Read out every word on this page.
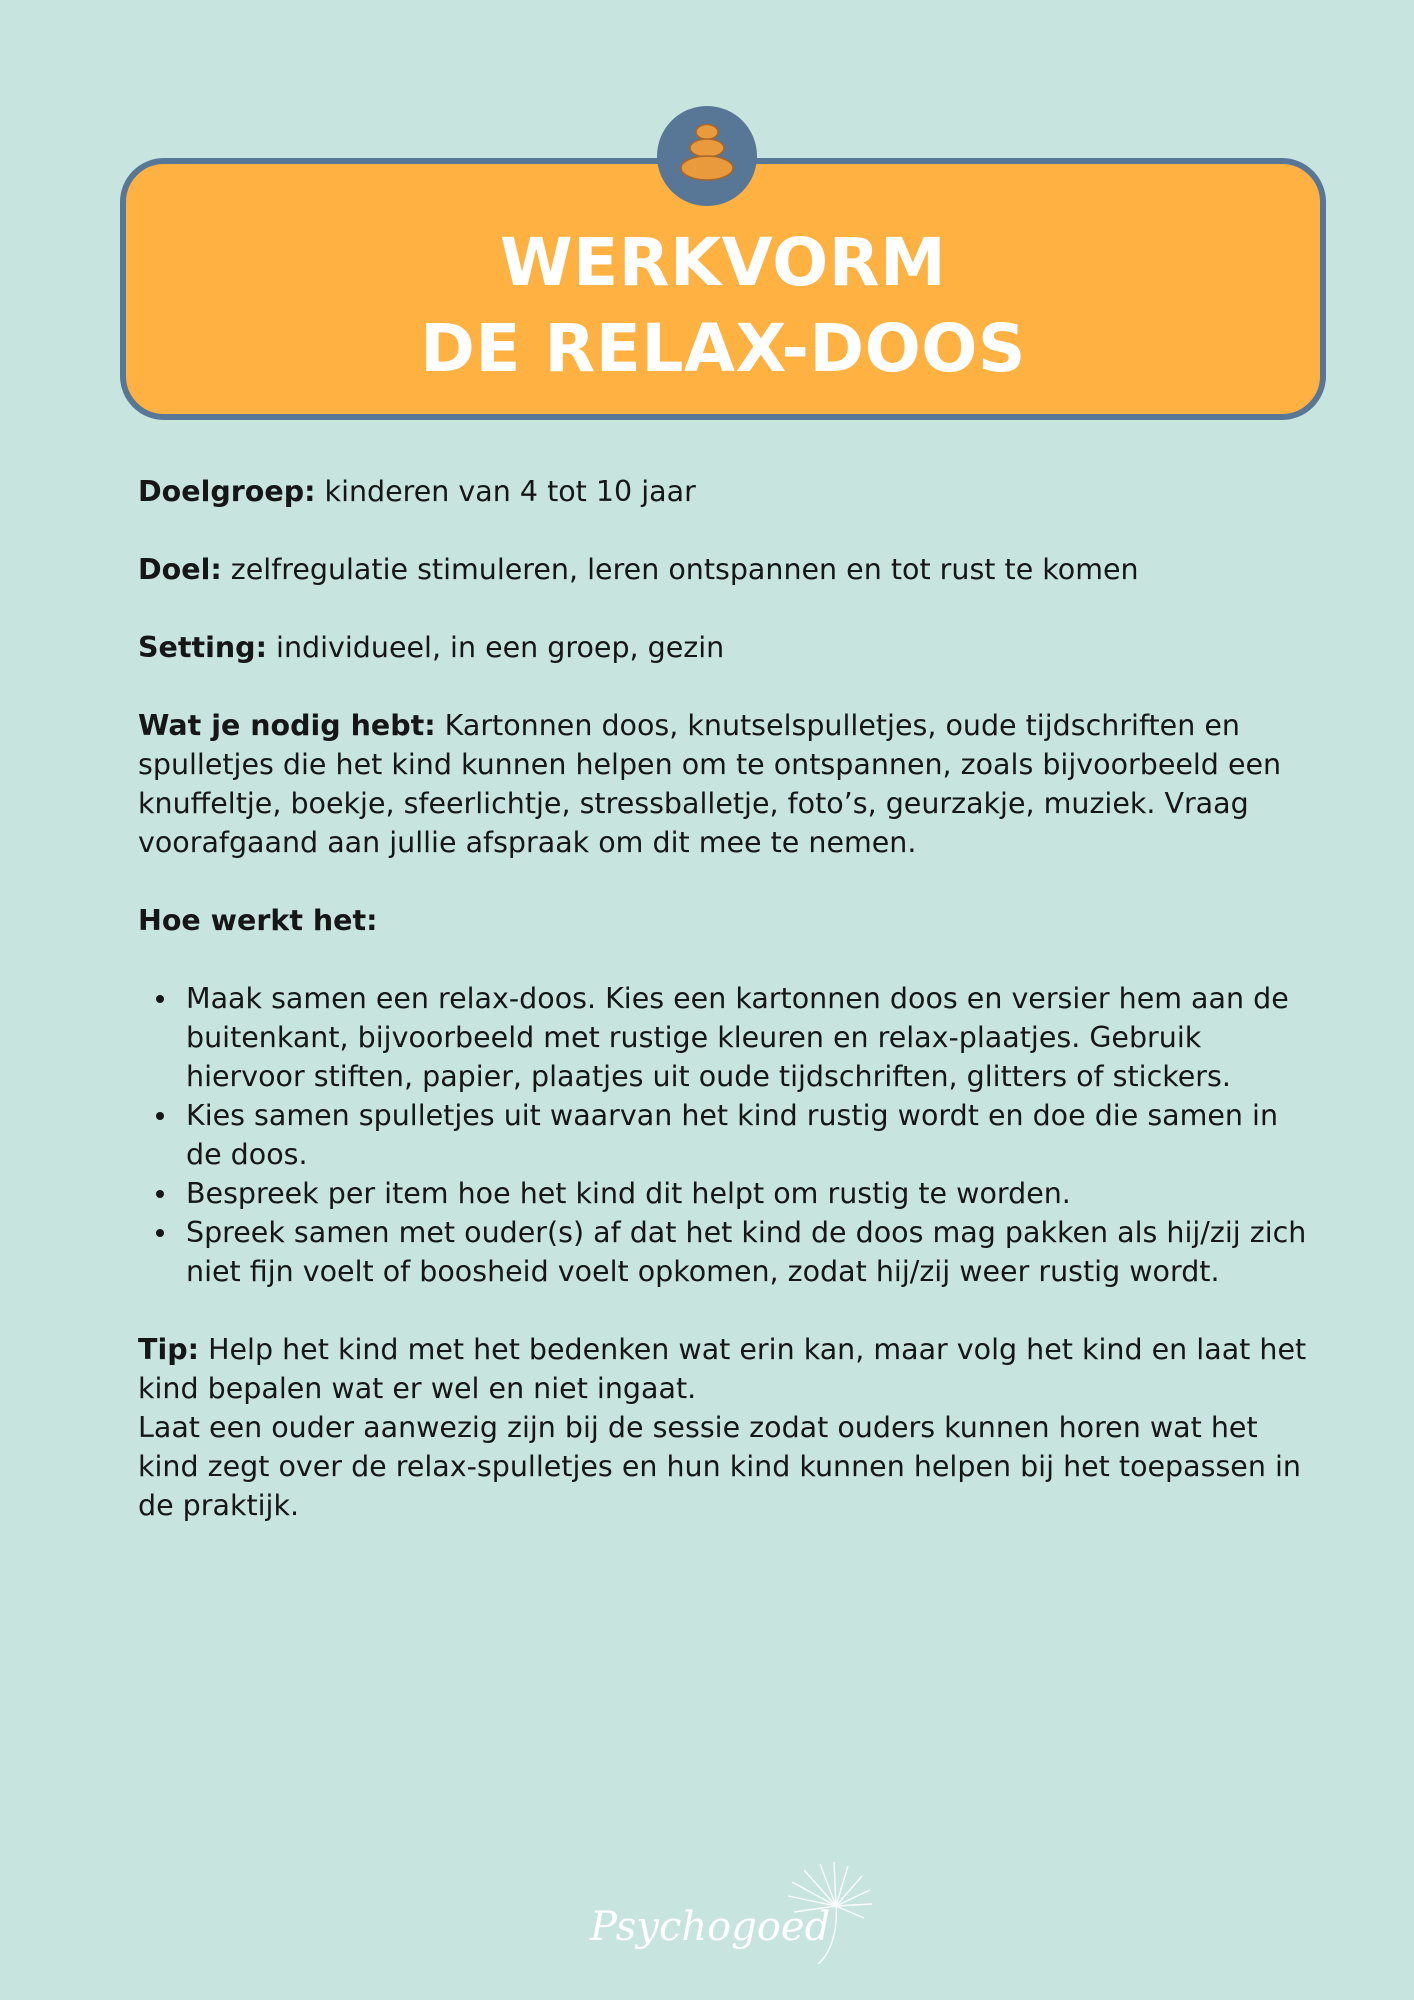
WERKVORM
DE RELAX-DOOS

Doelgroep: kinderen van 4 tot 10 jaar

Doel: zelfregulatie stimuleren, leren ontspannen en tot rust te komen

Setting: individueel, in een groep, gezin

Wat je nodig hebt: Kartonnen doos, knutselspulletjes, oude tijdschriften en spulletjes die het kind kunnen helpen om te ontspannen, zoals bijvoorbeeld een knuffeltje, boekje, sfeerlichtje, stressballetje, foto’s, geurzakje, muziek. Vraag voorafgaand aan jullie afspraak om dit mee te nemen.

Hoe werkt het:

Maak samen een relax-doos. Kies een kartonnen doos en versier hem aan de buitenkant, bijvoorbeeld met rustige kleuren en relax-plaatjes. Gebruik hiervoor stiften, papier, plaatjes uit oude tijdschriften, glitters of stickers.
Kies samen spulletjes uit waarvan het kind rustig wordt en doe die samen in de doos.
Bespreek per item hoe het kind dit helpt om rustig te worden.
Spreek samen met ouder(s) af dat het kind de doos mag pakken als hij/zij zich niet fijn voelt of boosheid voelt opkomen, zodat hij/zij weer rustig wordt.

Tip: Help het kind met het bedenken wat erin kan, maar volg het kind en laat het kind bepalen wat er wel en niet ingaat.
Laat een ouder aanwezig zijn bij de sessie zodat ouders kunnen horen wat het kind zegt over de relax-spulletjes en hun kind kunnen helpen bij het toepassen in de praktijk.

Psychogoed
